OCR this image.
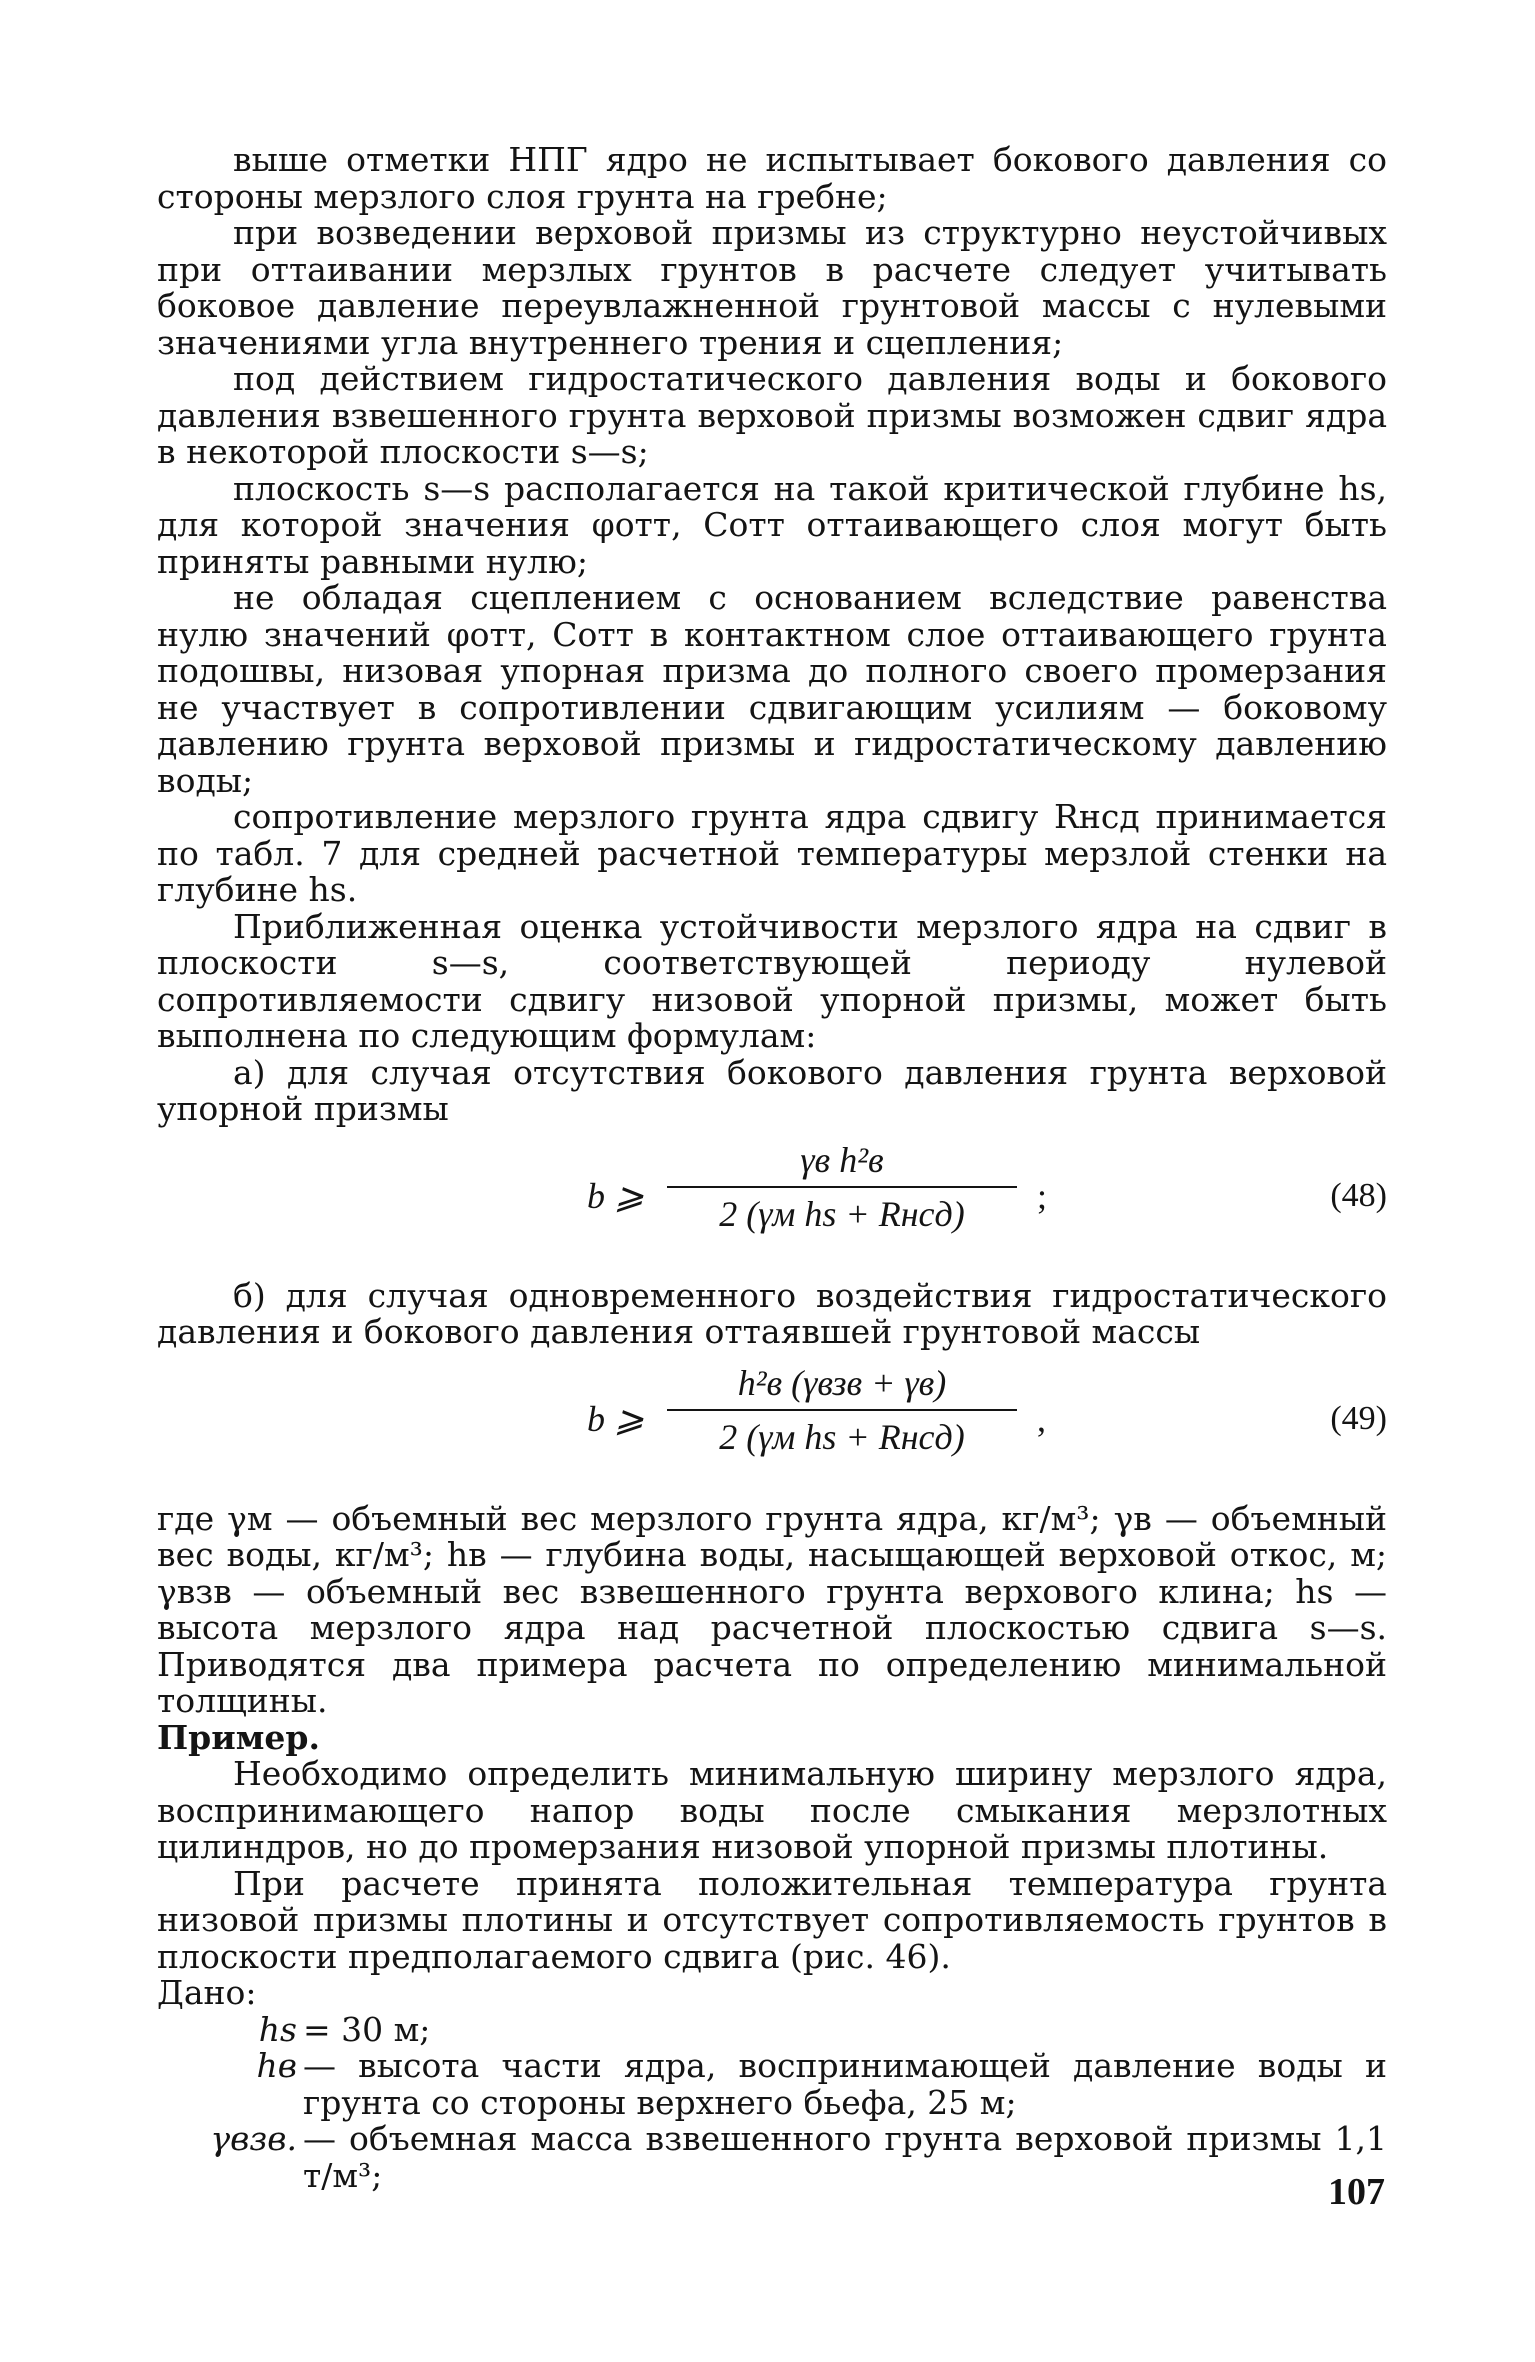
выше отметки НПГ ядро не испытывает бокового давления со стороны мерзлого слоя грунта на гребне;

при возведении верховой призмы из структурно неустойчивых при оттаивании мерзлых грунтов в расчете следует учитывать боковое давление переувлажненной грунтовой массы с нулевыми значениями угла внутреннего трения и сцепления;

под действием гидростатического давления воды и бокового давления взвешенного грунта верховой призмы возможен сдвиг ядра в некоторой плоскости s—s;

плоскость s—s располагается на такой критической глубине hs, для которой значения φотт, Сотт оттаивающего слоя могут быть приняты равными нулю;

не обладая сцеплением с основанием вследствие равенства нулю значений φотт, Сотт в контактном слое оттаивающего грунта подошвы, низовая упорная призма до полного своего промерзания не участвует в сопротивлении сдвигающим усилиям — боковому давлению грунта верховой призмы и гидростатическому давлению воды;

сопротивление мерзлого грунта ядра сдвигу Rнсд принимается по табл. 7 для средней расчетной температуры мерзлой стенки на глубине hs.

Приближенная оценка устойчивости мерзлого ядра на сдвиг в плоскости s—s, соответствующей периоду нулевой сопротивляемости сдвигу низовой упорной призмы, может быть выполнена по следующим формулам:

а) для случая отсутствия бокового давления грунта верховой упорной призмы

b ⩾
γв h²в
2 (γм hs + Rнсд)	;	(48)

б) для случая одновременного воздействия гидростатического давления и бокового давления оттаявшей грунтовой массы

b ⩾
h²в (γвзв + γв)
2 (γм hs + Rнсд)	,	(49)

где γм — объемный вес мерзлого грунта ядра, кг/м³; γв — объемный вес воды, кг/м³; hв — глубина воды, насыщающей верховой откос, м; γвзв — объемный вес взвешенного грунта верхового клина; hs — высота мерзлого ядра над расчетной плоскостью сдвига s—s. Приводятся два примера расчета по определению минимальной толщины.

Пример.

Необходимо определить минимальную ширину мерзлого ядра, воспринимающего напор воды после смыкания мерзлотных цилиндров, но до промерзания низовой упорной призмы плотины.

При расчете принята положительная температура грунта низовой призмы плотины и отсутствует сопротивляемость грунтов в плоскости предполагаемого сдвига (рис. 46).

Дано:

hs = 30 м;
hв — высота части ядра, воспринимающей давление воды и грунта со стороны верхнего бьефа, 25 м;
γвзв. — объемная масса взвешенного грунта верховой призмы 1,1 т/м³;	107
